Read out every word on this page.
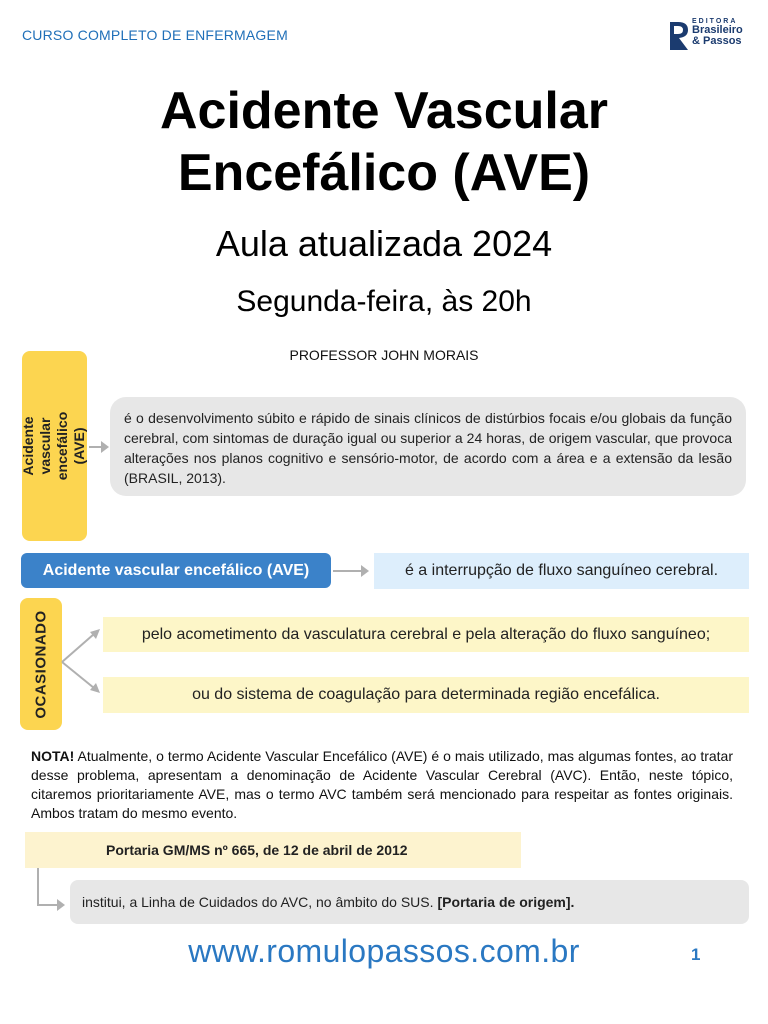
CURSO COMPLETO DE ENFERMAGEM
EDITORA
Brasileiro
& Passos
Acidente Vascular
Encefálico (AVE)
Aula atualizada 2024
Segunda-feira, às 20h
PROFESSOR JOHN MORAIS
Acidente vascular encefálico (AVE)
é o desenvolvimento súbito e rápido de sinais clínicos de distúrbios focais e/ou globais da função cerebral, com sintomas de duração igual ou superior a 24 horas, de origem vascular, que provoca alterações nos planos cognitivo e sensório-motor, de acordo com a área e a extensão da lesão (BRASIL, 2013).
Acidente vascular encefálico (AVE)	é a interrupção de fluxo sanguíneo cerebral.
OCASIONADO	pelo acometimento da vasculatura cerebral e pela alteração do fluxo sanguíneo;
ou do sistema de coagulação para determinada região encefálica.
NOTA! Atualmente, o termo Acidente Vascular Encefálico (AVE) é o mais utilizado, mas algumas fontes, ao tratar desse problema, apresentam a denominação de Acidente Vascular Cerebral (AVC). Então, neste tópico, citaremos prioritariamente AVE, mas o termo AVC também será mencionado para respeitar as fontes originais. Ambos tratam do mesmo evento.
Portaria GM/MS nº 665, de 12 de abril de 2012
institui, a Linha de Cuidados do AVC, no âmbito do SUS. [Portaria de origem].
www.romulopassos.com.br	1
